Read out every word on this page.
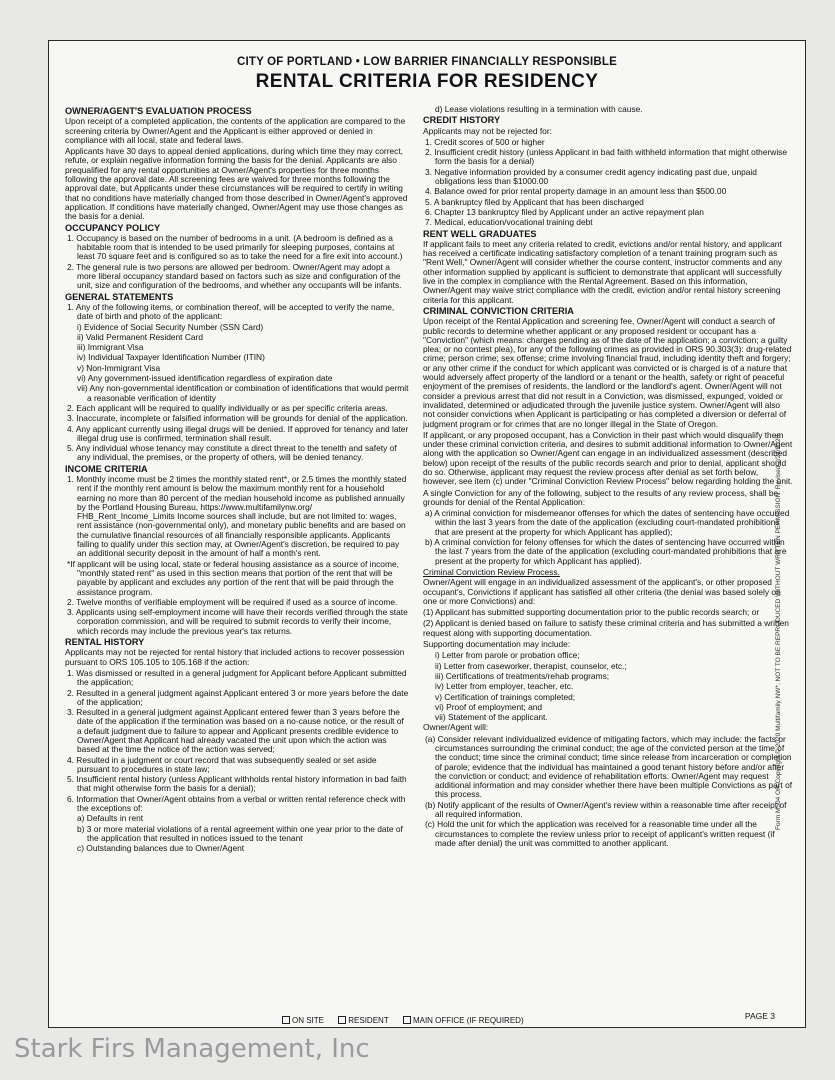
CITY OF PORTLAND • LOW BARRIER FINANCIALLY RESPONSIBLE
RENTAL CRITERIA FOR RESIDENCY
OWNER/AGENT'S EVALUATION PROCESS
Upon receipt of a completed application, the contents of the application are compared to the screening criteria by Owner/Agent and the Applicant is either approved or denied in compliance with all local, state and federal laws.
Applicants have 30 days to appeal denied applications, during which time they may correct, refute, or explain negative information forming the basis for the denial. Applicants are also prequalified for any rental opportunities at Owner/Agent's properties for three months following the approval date. All screening fees are waived for three months following the approval date, but Applicants under these circumstances will be required to certify in writing that no conditions have materially changed from those described in Owner/Agent's approved application. If conditions have materially changed, Owner/Agent may use those changes as the basis for a denial.
OCCUPANCY POLICY
1. Occupancy is based on the number of bedrooms in a unit. (A bedroom is defined as a habitable room that is intended to be used primarily for sleeping purposes, contains at least 70 square feet and is configured so as to take the need for a fire exit into account.)
2. The general rule is two persons are allowed per bedroom. Owner/Agent may adopt a more liberal occupancy standard based on factors such as size and configuration of the unit, size and configuration of the bedrooms, and whether any occupants will be infants.
GENERAL STATEMENTS
1. Any of the following items, or combination thereof, will be accepted to verify the name, date of birth and photo of the applicant:
i) Evidence of Social Security Number (SSN Card)
ii) Valid Permanent Resident Card
iii) Immigrant Visa
iv) Individual Taxpayer Identification Number (ITIN)
v) Non-Immigrant Visa
vi) Any government-issued identification regardless of expiration date
vii) Any non-governmental identification or combination of identifications that would permit a reasonable verification of identity
2. Each applicant will be required to qualify individually or as per specific criteria areas.
3. Inaccurate, incomplete or falsified information will be grounds for denial of the application.
4. Any applicant currently using illegal drugs will be denied. If approved for tenancy and later illegal drug use is confirmed, termination shall result.
5. Any individual whose tenancy may constitute a direct threat to the tenelth and safety of any individual, the premises, or the property of others, will be denied tenancy.
INCOME CRITERIA
1. Monthly income must be 2 times the monthly stated rent*, or 2.5 times the monthly stated rent if the monthly rent amount is below the maximum monthly rent for a household earning no more than 80 percent of the median household income as published annually by the Portland Housing Bureau, https://www.multifamilynw.org/ FHB_Rent_Income_Limits Income sources shall include, but are not limited to: wages, rent assistance (non-governmental only), and monetary public benefits and are based on the cumulative financial resources of all financially responsible applicants. Applicants failing to qualify under this section may, at Owner/Agent's discretion, be required to pay an additional security deposit in the amount of half a month's rent.
*If applicant will be using local, state or federal housing assistance as a source of income, "monthly stated rent" as used in this section means that portion of the rent that will be payable by applicant and excludes any portion of the rent that will be paid through the assistance program.
2. Twelve months of verifiable employment will be required if used as a source of income.
3. Applicants using self-employment income will have their records verified through the state corporation commission, and will be required to submit records to verify their income, which records may include the previous year's tax returns.
RENTAL HISTORY
Applicants may not be rejected for rental history that included actions to recover possession pursuant to ORS 105.105 to 105.168 if the action:
1. Was dismissed or resulted in a general judgment for Applicant before Applicant submitted the application;
2. Resulted in a general judgment against Applicant entered 3 or more years before the date of the application;
3. Resulted in a general judgment against Applicant entered fewer than 3 years before the date of the application if the termination was based on a no-cause notice, or the result of a default judgment due to failure to appear and Applicant presents credible evidence to Owner/Agent that Applicant had already vacated the unit upon which the action was based at the time the notice of the action was served;
4. Resulted in a judgment or court record that was subsequently sealed or set aside pursuant to procedures in state law;
5. Insufficient rental history (unless Applicant withholds rental history information in bad faith that might otherwise form the basis for a denial);
6. Information that Owner/Agent obtains from a verbal or written rental reference check with the exceptions of:
a) Defaults in rent
b) 3 or more material violations of a rental agreement within one year prior to the date of the application that resulted in notices issued to the tenant
c) Outstanding balances due to Owner/Agent
d) Lease violations resulting in a termination with cause.
CREDIT HISTORY
Applicants may not be rejected for:
1. Credit scores of 500 or higher
2. Insufficient credit history (unless Applicant in bad faith withheld information that might otherwise form the basis for a denial)
3. Negative information provided by a consumer credit agency indicating past due, unpaid obligations less than $1000.00
4. Balance owed for prior rental property damage in an amount less than $500.00
5. A bankruptcy filed by Applicant that has been discharged
6. Chapter 13 bankruptcy filed by Applicant under an active repayment plan
7. Medical, education/vocational training debt
RENT WELL GRADUATES
If applicant fails to meet any criteria related to credit, evictions and/or rental history, and applicant has received a certificate indicating satisfactory completion of a tenant training program such as "Rent Well," Owner/Agent will consider whether the course content, instructor comments and any other information supplied by applicant is sufficient to demonstrate that applicant will successfully live in the complex in compliance with the Rental Agreement. Based on this information, Owner/Agent may waive strict compliance with the credit, eviction and/or rental history screening criteria for this applicant.
CRIMINAL CONVICTION CRITERIA
Upon receipt of the Rental Application and screening fee, Owner/Agent will conduct a search of public records to determine whether applicant or any proposed resident or occupant has a "Conviction" (which means: charges pending as of the date of the application; a conviction; a guilty plea; or no contest plea), for any of the following crimes as provided in ORS 90.303(3): drug-related crime; person crime; sex offense; crime involving financial fraud, including identity theft and forgery; or any other crime if the conduct for which applicant was convicted or is charged is of a nature that would adversely affect property of the landlord or a tenant or the health, safety or right of peaceful enjoyment of the premises of residents, the landlord or the landlord's agent. Owner/Agent will not consider a previous arrest that did not result in a Conviction, was dismissed, expunged, voided or invalidated, determined or adjudicated through the juvenile justice system. Owner/Agent will also not consider convictions when Applicant is participating or has completed a diversion or deferral of judgment program or for crimes that are no longer illegal in the State of Oregon.
If applicant, or any proposed occupant, has a Conviction in their past which would disqualify them under these criminal conviction criteria, and desires to submit additional information to Owner/Agent along with the application so Owner/Agent can engage in an individualized assessment (described below) upon receipt of the results of the public records search and prior to denial, applicant should do so. Otherwise, applicant may request the review process after denial as set forth below, however, see item (c) under "Criminal Conviction Review Process" below regarding holding the unit.
A single Conviction for any of the following, subject to the results of any review process, shall be grounds for denial of the Rental Application:
a) A criminal conviction for misdemeanor offenses for which the dates of sentencing have occurred within the last 3 years from the date of the application (excluding court-mandated prohibitions that are present at the property for which Applicant has applied);
b) A criminal conviction for felony offenses for which the dates of sentencing have occurred within the last 7 years from the date of the application (excluding court-mandated prohibitions that are present at the property for which Applicant has applied).
Criminal Conviction Review Process.
Owner/Agent will engage in an individualized assessment of the applicant's, or other proposed occupant's, Convictions if applicant has satisfied all other criteria (the denial was based solely on one or more Convictions) and:
(1) Applicant has submitted supporting documentation prior to the public records search; or
(2) Applicant is denied based on failure to satisfy these criminal criteria and has submitted a written request along with supporting documentation.
Supporting documentation may include:
i) Letter from parole or probation office;
ii) Letter from caseworker, therapist, counselor, etc.;
iii) Certifications of treatments/rehab programs;
iv) Letter from employer, teacher, etc.
v) Certification of trainings completed;
vi) Proof of employment; and
vii) Statement of the applicant.
Owner/Agent will:
(a) Consider relevant individualized evidence of mitigating factors, which may include: the facts or circumstances surrounding the criminal conduct; the age of the convicted person at the time of the conduct; time since the criminal conduct; time since release from incarceration or completion of parole; evidence that the individual has maintained a good tenant history before and/or after the conviction or conduct; and evidence of rehabilitation efforts. Owner/Agent may request additional information and may consider whether there have been multiple Convictions as part of this process.
(b) Notify applicant of the results of Owner/Agent's review within a reasonable time after receipt of all required information.
(c) Hold the unit for which the application was received for a reasonable time under all the circumstances to complete the review unless prior to receipt of applicant's written request (if made after denial) the unit was committed to another applicant.
Form M504 OR Copyright © 2020 Multifamily NW*, NOT TO BE REPRODUCED WITHOUT WRITTEN PERMISSION. Revised 2/21/2020.
ON SITE	RESIDENT	MAIN OFFICE (IF REQUIRED)	PAGE 3
Stark Firs Management, Inc
